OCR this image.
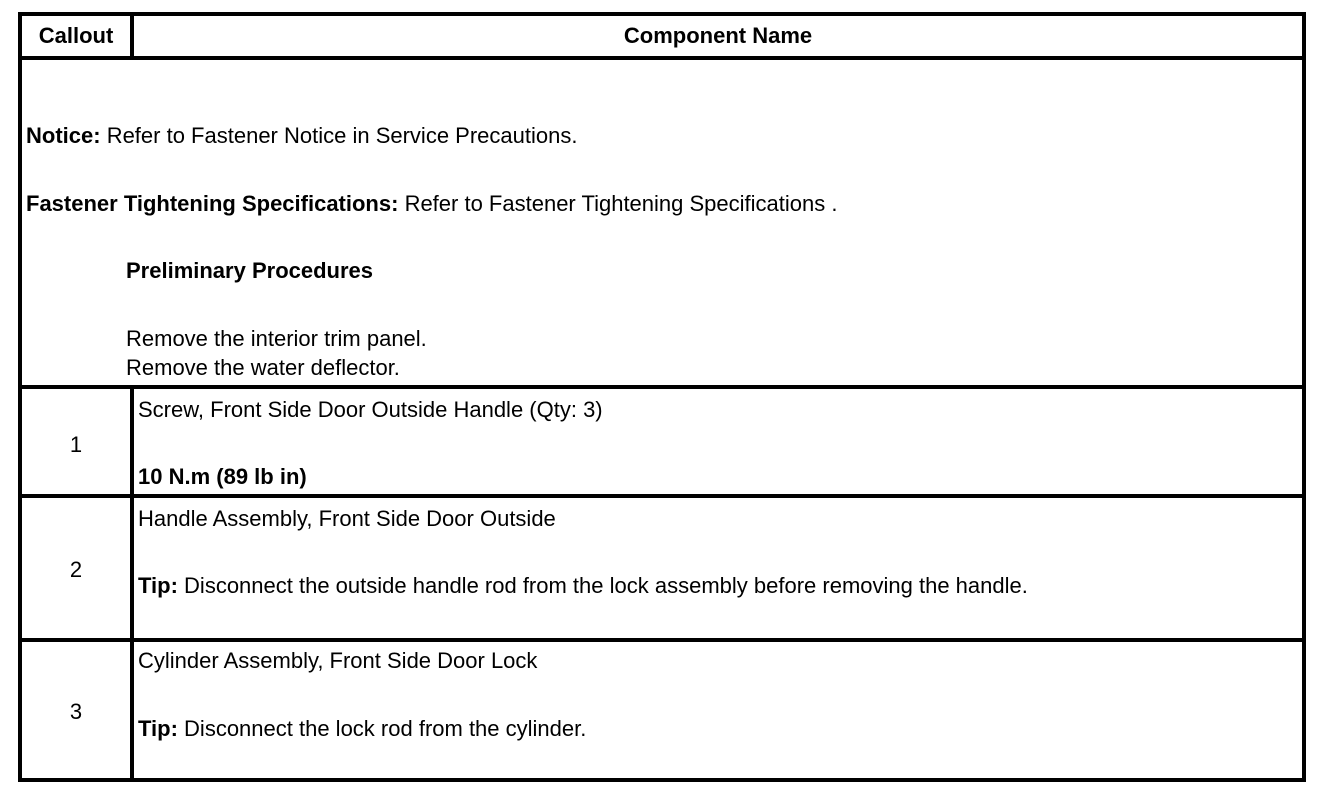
Callout	Component Name
Notice: Refer to Fastener Notice in Service Precautions.
Fastener Tightening Specifications: Refer to Fastener Tightening Specifications .
Preliminary Procedures
Remove the interior trim panel.
Remove the water deflector.
1
Screw, Front Side Door Outside Handle (Qty: 3)
10 N.m (89 lb in)
2
Handle Assembly, Front Side Door Outside
Tip: Disconnect the outside handle rod from the lock assembly before removing the handle.
3
Cylinder Assembly, Front Side Door Lock
Tip: Disconnect the lock rod from the cylinder.
